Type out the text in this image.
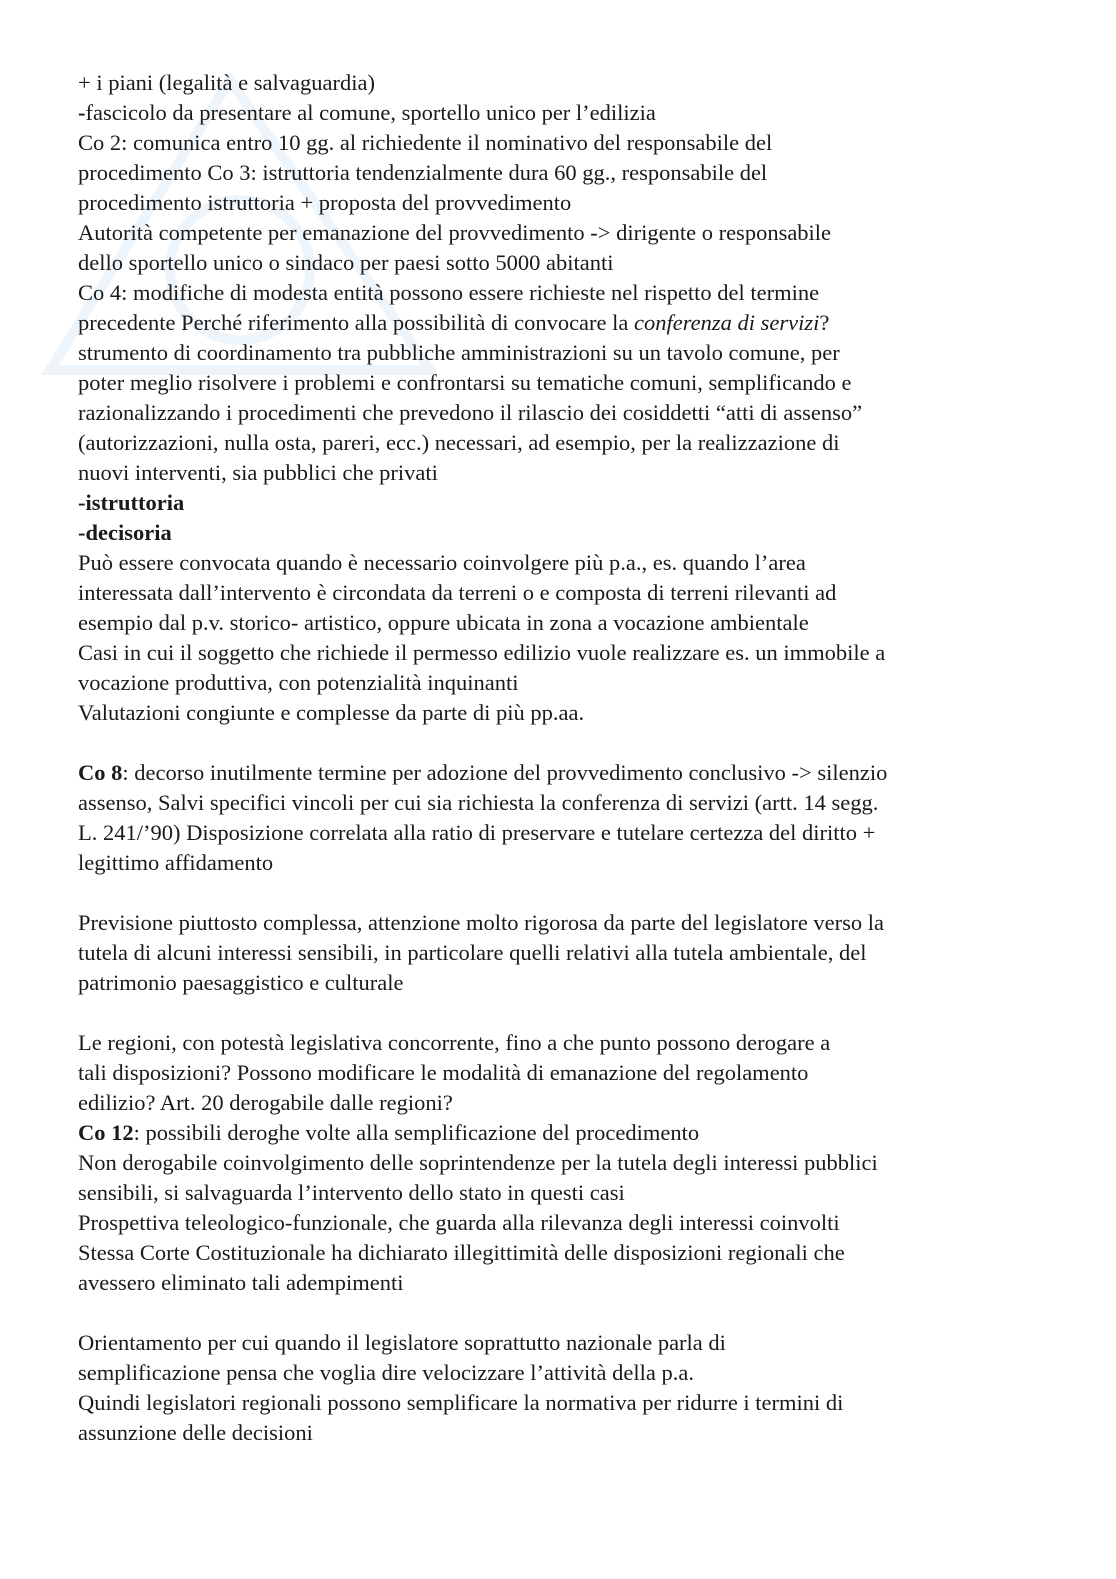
+ i piani (legalità e salvaguardia)
-fascicolo da presentare al comune, sportello unico per l’edilizia
Co 2: comunica entro 10 gg. al richiedente il nominativo del responsabile del
procedimento Co 3: istruttoria tendenzialmente dura 60 gg., responsabile del
procedimento istruttoria + proposta del provvedimento
Autorità competente per emanazione del provvedimento -> dirigente o responsabile
dello sportello unico o sindaco per paesi sotto 5000 abitanti
Co 4: modifiche di modesta entità possono essere richieste nel rispetto del termine
precedente Perché riferimento alla possibilità di convocare la conferenza di servizi?
strumento di coordinamento tra pubbliche amministrazioni su un tavolo comune, per
poter meglio risolvere i problemi e confrontarsi su tematiche comuni, semplificando e
razionalizzando i procedimenti che prevedono il rilascio dei cosiddetti “atti di assenso”
(autorizzazioni, nulla osta, pareri, ecc.) necessari, ad esempio, per la realizzazione di
nuovi interventi, sia pubblici che privati
-istruttoria
-decisoria
Può essere convocata quando è necessario coinvolgere più p.a., es. quando l’area
interessata dall’intervento è circondata da terreni o e composta di terreni rilevanti ad
esempio dal p.v. storico- artistico, oppure ubicata in zona a vocazione ambientale
Casi in cui il soggetto che richiede il permesso edilizio vuole realizzare es. un immobile a
vocazione produttiva, con potenzialità inquinanti
Valutazioni congiunte e complesse da parte di più pp.aa.
Co 8: decorso inutilmente termine per adozione del provvedimento conclusivo -> silenzio
assenso, Salvi specifici vincoli per cui sia richiesta la conferenza di servizi (artt. 14 segg.
L. 241/’90) Disposizione correlata alla ratio di preservare e tutelare certezza del diritto +
legittimo affidamento
Previsione piuttosto complessa, attenzione molto rigorosa da parte del legislatore verso la
tutela di alcuni interessi sensibili, in particolare quelli relativi alla tutela ambientale, del
patrimonio paesaggistico e culturale
Le regioni, con potestà legislativa concorrente, fino a che punto possono derogare a
tali disposizioni? Possono modificare le modalità di emanazione del regolamento
edilizio? Art. 20 derogabile dalle regioni?
Co 12: possibili deroghe volte alla semplificazione del procedimento
Non derogabile coinvolgimento delle soprintendenze per la tutela degli interessi pubblici
sensibili, si salvaguarda l’intervento dello stato in questi casi
Prospettiva teleologico-funzionale, che guarda alla rilevanza degli interessi coinvolti
Stessa Corte Costituzionale ha dichiarato illegittimità delle disposizioni regionali che
avessero eliminato tali adempimenti
Orientamento per cui quando il legislatore soprattutto nazionale parla di
semplificazione pensa che voglia dire velocizzare l’attività della p.a.
Quindi legislatori regionali possono semplificare la normativa per ridurre i termini di
assunzione delle decisioni
